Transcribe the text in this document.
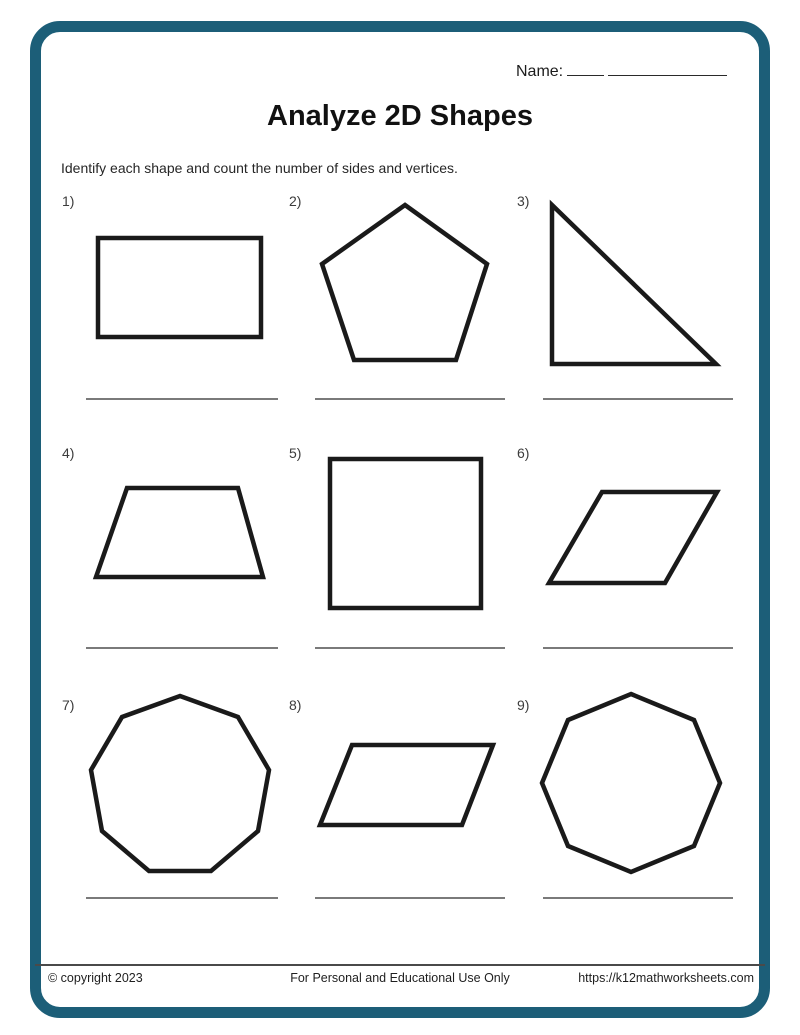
Name:
Analyze 2D Shapes

Identify each shape and count the number of sides and vertices.

1)	2)	3)
4)	5)	6)
7)	8)	9)
© copyright 2023	For Personal and Educational Use Only	https://k12mathworksheets.com
